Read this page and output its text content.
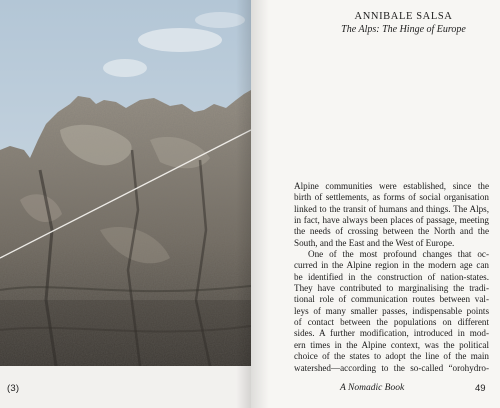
(3)
ANNIBALE SALSA
The Alps: The Hinge of Europe
Alpine communities were established, since the
birth of settlements, as forms of social organisation
linked to the transit of humans and things. The Alps,
in fact, have always been places of passage, meeting
the needs of crossing between the North and the
South, and the East and the West of Europe.
One of the most profound changes that oc-
curred in the Alpine region in the modern age can
be identified in the construction of nation-states.
They have contributed to marginalising the tradi-
tional role of communication routes between val-
leys of many smaller passes, indispensable points
of contact between the populations on different
sides. A further modification, introduced in mod-
ern times in the Alpine context, was the political
choice of the states to adopt the line of the main
watershed—according to the so-called “orohydro-
A Nomadic Book	49
